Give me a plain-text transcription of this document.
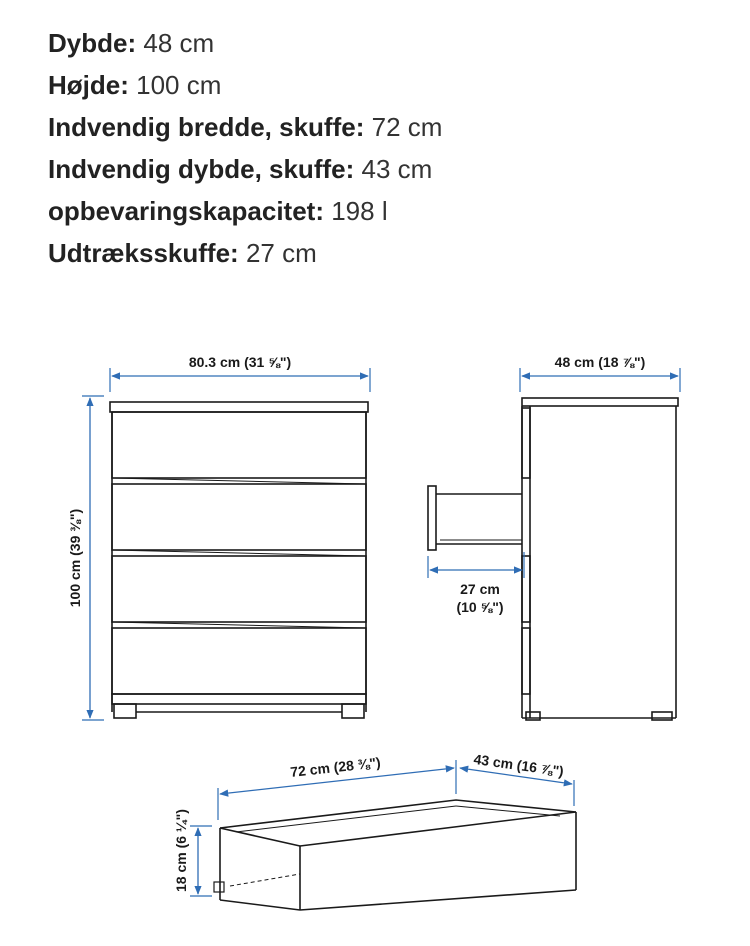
Dybde: 48 cm
Højde: 100 cm
Indvendig bredde, skuffe: 72 cm
Indvendig dybde, skuffe: 43 cm
opbevaringskapacitet: 198 l
Udtræksskuffe: 27 cm
80.3 cm (31 ⅝")
100 cm (39 ⅜")
48 cm (18 ⅞")
27 cm
(10 ⅝")
72 cm (28 ⅜")	43 cm (16 ⅞")
18 cm (6 ¼")
